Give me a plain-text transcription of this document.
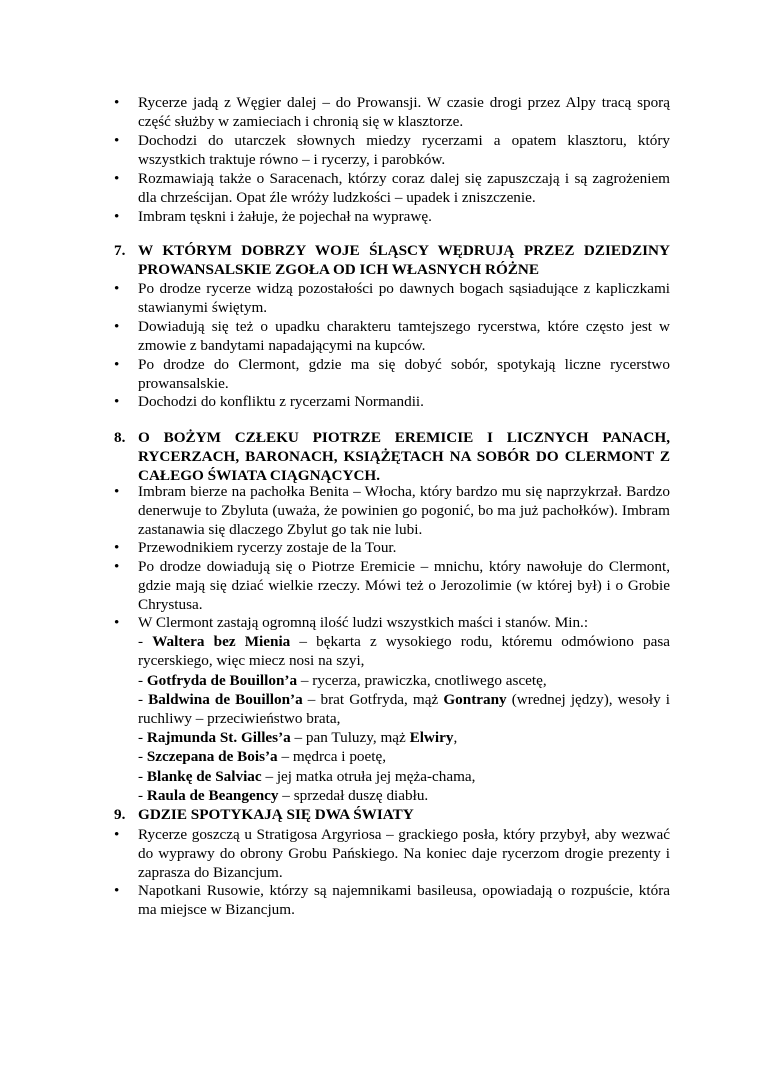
•	Rycerze jadą z Węgier dalej – do Prowansji. W czasie drogi przez Alpy tracą sporą część służby w zamieciach i chronią się w klasztorze.
•	Dochodzi do utarczek słownych miedzy rycerzami a opatem klasztoru, który wszystkich traktuje równo – i rycerzy, i parobków.
•	Rozmawiają także o Saracenach, którzy coraz dalej się zapuszczają i są zagrożeniem dla chrześcijan. Opat źle wróży ludzkości – upadek i zniszczenie.
•	Imbram tęskni i żałuje, że pojechał na wyprawę.
7. W KTÓRYM DOBRZY WOJE ŚLĄSCY WĘDRUJĄ PRZEZ DZIEDZINY PROWANSALSKIE ZGOŁA OD ICH WŁASNYCH RÓŻNE
•	Po drodze rycerze widzą pozostałości po dawnych bogach sąsiadujące z kapliczkami stawianymi świętym.
•	Dowiadują się też o upadku charakteru tamtejszego rycerstwa, które często jest w zmowie z bandytami napadającymi na kupców.
•	Po drodze do Clermont, gdzie ma się dobyć sobór, spotykają liczne rycerstwo prowansalskie.
•	Dochodzi do konfliktu z rycerzami Normandii.
8. O BOŻYM CZŁEKU PIOTRZE EREMICIE I LICZNYCH PANACH, RYCERZACH, BARONACH, KSIĄŻĘTACH NA SOBÓR DO CLERMONT Z CAŁEGO ŚWIATA CIĄGNĄCYCH.
•	Imbram bierze na pachołka Benita – Włocha, który bardzo mu się naprzykrzał. Bardzo denerwuje to Zbyluta (uważa, że powinien go pogonić, bo ma już pachołków). Imbram zastanawia się dlaczego Zbylut go tak nie lubi.
•	Przewodnikiem rycerzy zostaje de la Tour.
•	Po drodze dowiadują się o Piotrze Eremicie – mnichu, który nawołuje do Clermont, gdzie mają się dziać wielkie rzeczy. Mówi też o Jerozolimie (w której był) i o Grobie Chrystusa.
•	W Clermont zastają ogromną ilość ludzi wszystkich maści i stanów. Min.:
- Waltera bez Mienia – bękarta z wysokiego rodu, któremu odmówiono pasa rycerskiego, więc miecz nosi na szyi,
- Gotfryda de Bouillon’a – rycerza, prawiczka, cnotliwego ascetę,
- Baldwina de Bouillon’a – brat Gotfryda, mąż Gontrany (wrednej jędzy), wesoły i ruchliwy – przeciwieństwo brata,
- Rajmunda St. Gilles’a – pan Tuluzy, mąż Elwiry,
- Szczepana de Bois’a – mędrca i poetę,
- Blankę de Salviac – jej matka otruła jej męża-chama,
- Raula de Beangency – sprzedał duszę diabłu.
9. GDZIE SPOTYKAJĄ SIĘ DWA ŚWIATY
•	Rycerze goszczą u Stratigosa Argyriosa – grackiego posła, który przybył, aby wezwać do wyprawy do obrony Grobu Pańskiego. Na koniec daje rycerzom drogie prezenty i zaprasza do Bizancjum.
•	Napotkani Rusowie, którzy są najemnikami basileusa, opowiadają o rozpuście, która ma miejsce w Bizancjum.
